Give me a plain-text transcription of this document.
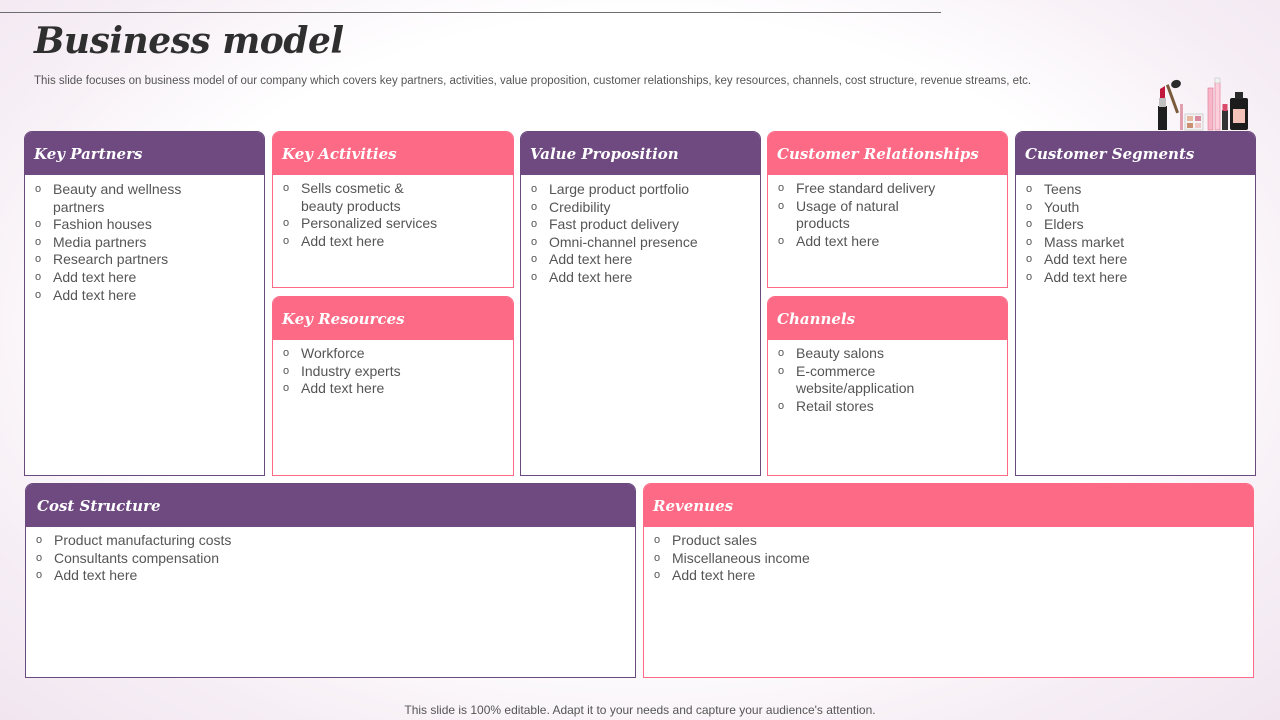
Business model

This slide focuses on business model of our company which covers key partners, activities, value proposition, customer relationships, key resources, channels, cost structure, revenue streams, etc.

Key Partners
o Beauty and wellness partners
o Fashion houses
o Media partners
o Research partners
o Add text here
o Add text here
Key Activities
o Sells cosmetic & beauty products
o Personalized services
o Add text here
Key Resources
o Workforce
o Industry experts
o Add text here
Value Proposition
o Large product portfolio
o Credibility
o Fast product delivery
o Omni-channel presence
o Add text here
o Add text here
Customer Relationships
o Free standard delivery
o Usage of natural products
o Add text here
Channels
o Beauty salons
o E-commerce website/application
o Retail stores
Customer Segments
o Teens
o Youth
o Elders
o Mass market
o Add text here
o Add text here
Cost Structure
o Product manufacturing costs
o Consultants compensation
o Add text here
Revenues
o Product sales
o Miscellaneous income
o Add text here
This slide is 100% editable. Adapt it to your needs and capture your audience's attention.
